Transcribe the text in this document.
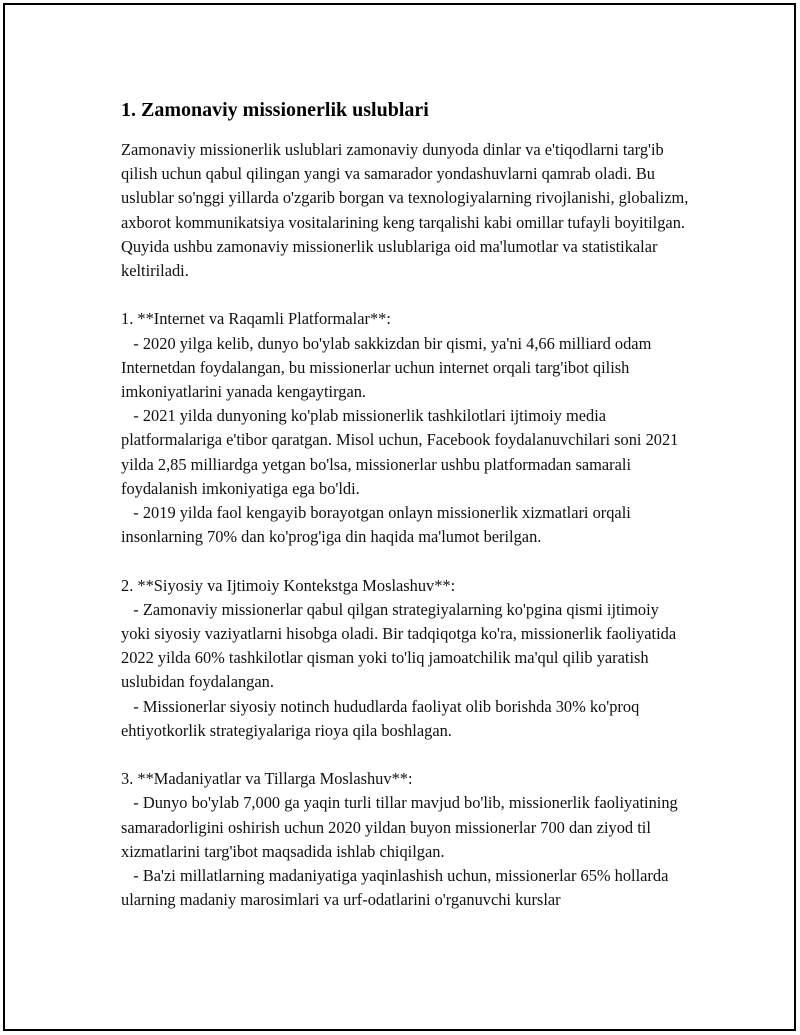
1. Zamonaviy missionerlik uslublari

Zamonaviy missionerlik uslublari zamonaviy dunyoda dinlar va e'tiqodlarni targ'ib qilish uchun qabul qilingan yangi va samarador yondashuvlarni qamrab oladi. Bu uslublar so'nggi yillarda o'zgarib borgan va texnologiyalarning rivojlanishi, globalizm, axborot kommunikatsiya vositalarining keng tarqalishi kabi omillar tufayli boyitilgan. Quyida ushbu zamonaviy missionerlik uslublariga oid ma'lumotlar va statistikalar keltiriladi.

1. **Internet va Raqamli Platformalar**:

- 2020 yilga kelib, dunyo bo'ylab sakkizdan bir qismi, ya'ni 4,66 milliard odam Internetdan foydalangan, bu missionerlar uchun internet orqali targ'ibot qilish imkoniyatlarini yanada kengaytirgan.

- 2021 yilda dunyoning ko'plab missionerlik tashkilotlari ijtimoiy media platformalariga e'tibor qaratgan. Misol uchun, Facebook foydalanuvchilari soni 2021 yilda 2,85 milliardga yetgan bo'lsa, missionerlar ushbu platformadan samarali foydalanish imkoniyatiga ega bo'ldi.

- 2019 yilda faol kengayib borayotgan onlayn missionerlik xizmatlari orqali insonlarning 70% dan ko'prog'iga din haqida ma'lumot berilgan.

2. **Siyosiy va Ijtimoiy Kontekstga Moslashuv**:

- Zamonaviy missionerlar qabul qilgan strategiyalarning ko'pgina qismi ijtimoiy yoki siyosiy vaziyatlarni hisobga oladi. Bir tadqiqotga ko'ra, missionerlik faoliyatida 2022 yilda 60% tashkilotlar qisman yoki to'liq jamoatchilik ma'qul qilib yaratish uslubidan foydalangan.

- Missionerlar siyosiy notinch hududlarda faoliyat olib borishda 30% ko'proq ehtiyotkorlik strategiyalariga rioya qila boshlagan.

3. **Madaniyatlar va Tillarga Moslashuv**:

- Dunyo bo'ylab 7,000 ga yaqin turli tillar mavjud bo'lib, missionerlik faoliyatining samaradorligini oshirish uchun 2020 yildan buyon missionerlar 700 dan ziyod til xizmatlarini targ'ibot maqsadida ishlab chiqilgan.

- Ba'zi millatlarning madaniyatiga yaqinlashish uchun, missionerlar 65% hollarda ularning madaniy marosimlari va urf-odatlarini o'rganuvchi kurslar
